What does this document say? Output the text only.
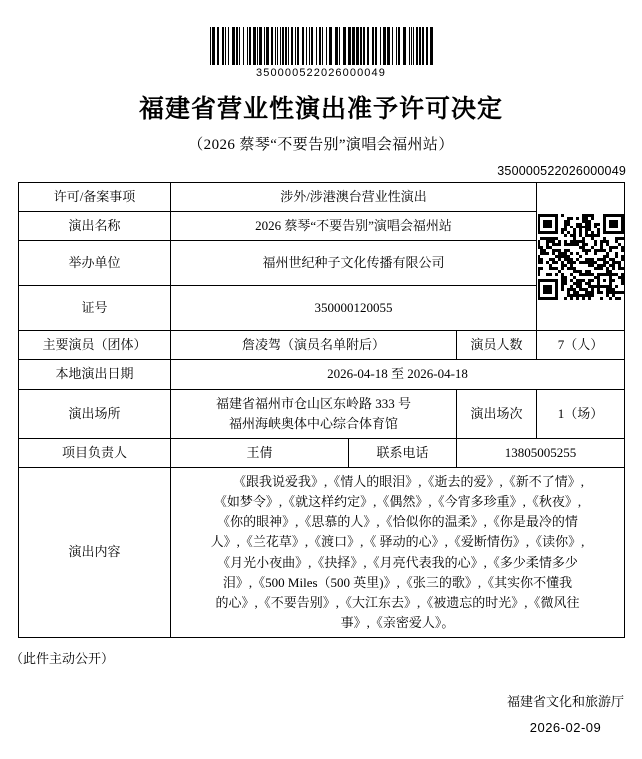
350000522026000049
福建省营业性演出准予许可决定
（2026 蔡琴“不要告别”演唱会福州站）
350000522026000049
许可/备案事项	涉外/涉港澳台营业性演出			

演出名称	2026 蔡琴“不要告别”演唱会福州站			
举办单位	福州世纪种子文化传播有限公司			
证号	350000120055			
主要演员（团体）	詹凌驾（演员名单附后）		演员人数	7（人）
本地演出日期	2026-04-18 至 2026-04-18			
演出场所	福建省福州市仓山区东岭路 333 号
福州海峡奥体中心综合体育馆		演出场次	1（场）
项目负责人	王倩	联系电话	13805005255	
演出内容	
《跟我说爱我》,《情人的眼泪》,《逝去的爱》,《新不了情》,
《如梦令》,《就这样约定》,《偶然》,《今宵多珍重》,《秋夜》,
《你的眼神》,《思慕的人》,《恰似你的温柔》,《你是最冷的情
人》,《兰花草》,《渡口》,《 驿动的心》,《爱断情伤》,《读你》,
《月光小夜曲》,《抉择》,《月亮代表我的心》,《多少柔情多少
泪》,《500 Miles（500 英里)》,《张三的歌》,《其实你不懂我
的心》,《不要告别》,《大江东去》,《被遗忘的时光》,《微风往
事》,《亲密爱人》。
（此件主动公开）
福建省文化和旅游厅
2026-02-09
